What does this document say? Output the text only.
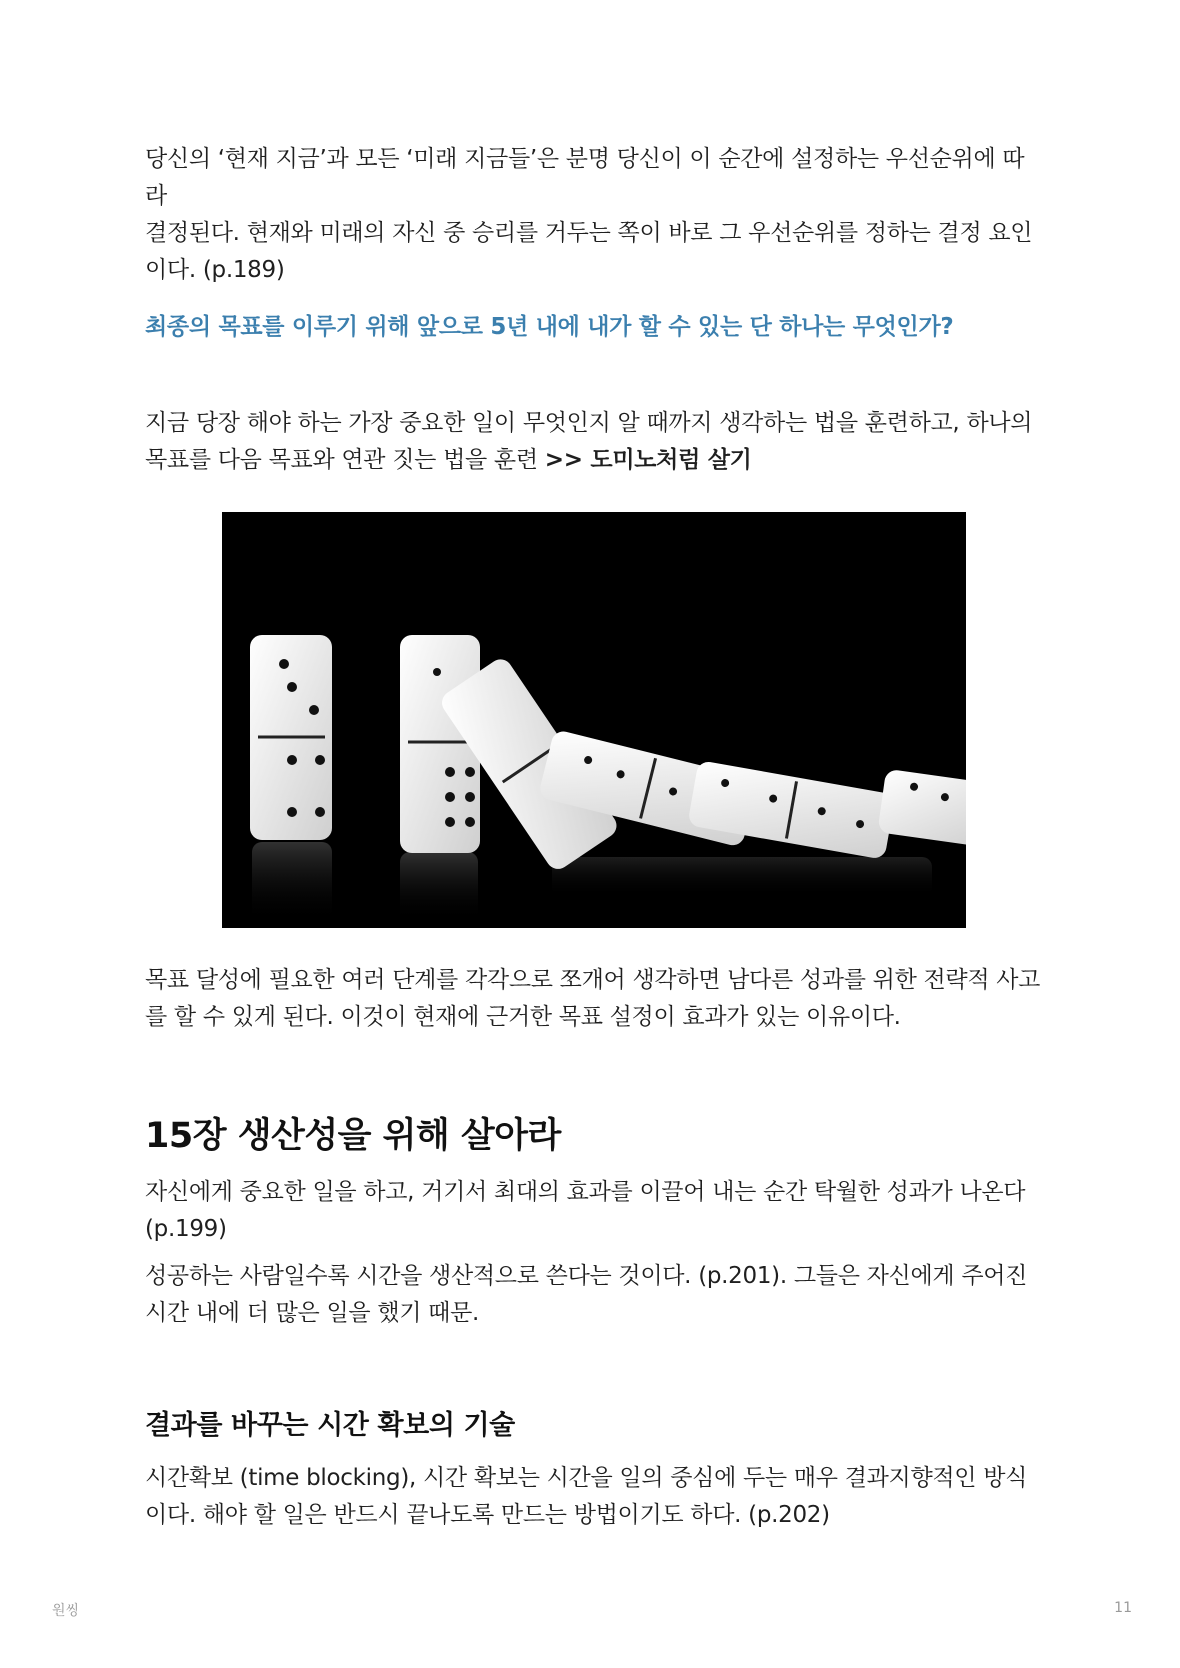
당신의 ‘현재 지금’과 모든 ‘미래 지금들’은 분명 당신이 이 순간에 설정하는 우선순위에 따라

결정된다. 현재와 미래의 자신 중 승리를 거두는 쪽이 바로 그 우선순위를 정하는 결정 요인

이다. (p.189)

최종의 목표를 이루기 위해 앞으로 5년 내에 내가 할 수 있는 단 하나는 무엇인가?

지금 당장 해야 하는 가장 중요한 일이 무엇인지 알 때까지 생각하는 법을 훈련하고, 하나의

목표를 다음 목표와 연관 짓는 법을 훈련 >> 도미노처럼 살기

목표 달성에 필요한 여러 단계를 각각으로 쪼개어 생각하면 남다른 성과를 위한 전략적 사고

를 할 수 있게 된다. 이것이 현재에 근거한 목표 설정이 효과가 있는 이유이다.

15장 생산성을 위해 살아라

자신에게 중요한 일을 하고, 거기서 최대의 효과를 이끌어 내는 순간 탁월한 성과가 나온다

(p.199)

성공하는 사람일수록 시간을 생산적으로 쓴다는 것이다. (p.201). 그들은 자신에게 주어진

시간 내에 더 많은 일을 했기 때문.

결과를 바꾸는 시간 확보의 기술

시간확보 (time blocking), 시간 확보는 시간을 일의 중심에 두는 매우 결과지향적인 방식

이다. 해야 할 일은 반드시 끝나도록 만드는 방법이기도 하다. (p.202)

원씽	11
